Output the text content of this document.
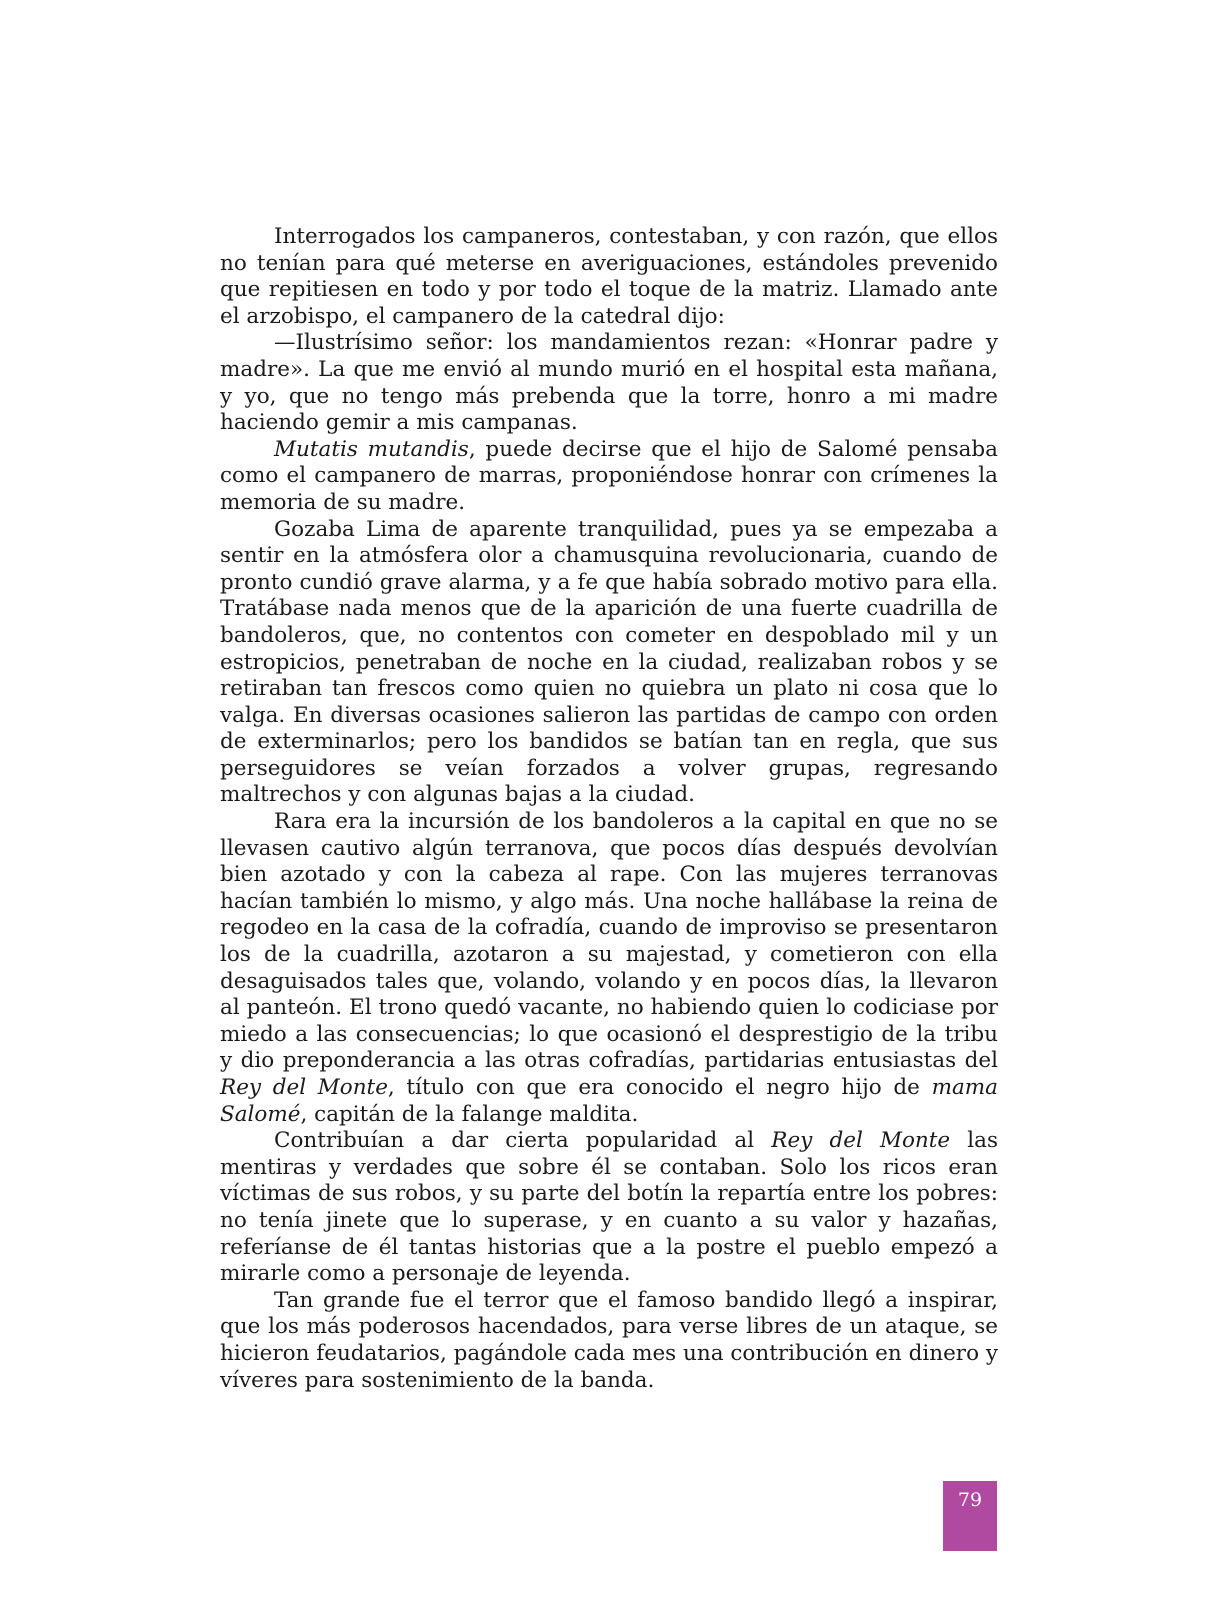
Interrogados los campaneros, contestaban, y con razón, que ellos no tenían para qué meterse en averiguaciones, estándoles prevenido que repitiesen en todo y por todo el toque de la matriz. Llamado ante el arzobispo, el campanero de la catedral dijo:

—Ilustrísimo señor: los mandamientos rezan: «Honrar padre y madre». La que me envió al mundo murió en el hospital esta mañana, y yo, que no tengo más prebenda que la torre, honro a mi madre haciendo gemir a mis campanas.

Mutatis mutandis, puede decirse que el hijo de Salomé pensaba como el campanero de marras, proponiéndose honrar con crímenes la memoria de su madre.

Gozaba Lima de aparente tranquilidad, pues ya se empezaba a sentir en la atmósfera olor a chamusquina revolucionaria, cuando de pronto cundió grave alarma, y a fe que había sobrado motivo para ella. Tratábase nada menos que de la aparición de una fuerte cuadrilla de bandoleros, que, no contentos con cometer en despoblado mil y un estropicios, penetraban de noche en la ciudad, realizaban robos y se retiraban tan frescos como quien no quiebra un plato ni cosa que lo valga. En diversas ocasiones salieron las partidas de campo con orden de exterminarlos; pero los bandidos se batían tan en regla, que sus perseguidores se veían forzados a volver grupas, regresando maltrechos y con algunas bajas a la ciudad.

Rara era la incursión de los bandoleros a la capital en que no se llevasen cautivo algún terranova, que pocos días después devolvían bien azotado y con la cabeza al rape. Con las mujeres terranovas hacían también lo mismo, y algo más. Una noche hallábase la reina de regodeo en la casa de la cofradía, cuando de improviso se presentaron los de la cuadrilla, azotaron a su majestad, y cometieron con ella desaguisados tales que, volando, volando y en pocos días, la llevaron al panteón. El trono quedó vacante, no habiendo quien lo codiciase por miedo a las consecuencias; lo que ocasionó el desprestigio de la tribu y dio preponderancia a las otras cofradías, partidarias entusiastas del Rey del Monte, título con que era conocido el negro hijo de mama Salomé, capitán de la falange maldita.

Contribuían a dar cierta popularidad al Rey del Monte las mentiras y verdades que sobre él se contaban. Solo los ricos eran víctimas de sus robos, y su parte del botín la repartía entre los pobres: no tenía jinete que lo superase, y en cuanto a su valor y hazañas, referíanse de él tantas historias que a la postre el pueblo empezó a mirarle como a personaje de leyenda.

Tan grande fue el terror que el famoso bandido llegó a inspirar, que los más poderosos hacendados, para verse libres de un ataque, se hicieron feudatarios, pagándole cada mes una contribución en dinero y víveres para sostenimiento de la banda.

79
